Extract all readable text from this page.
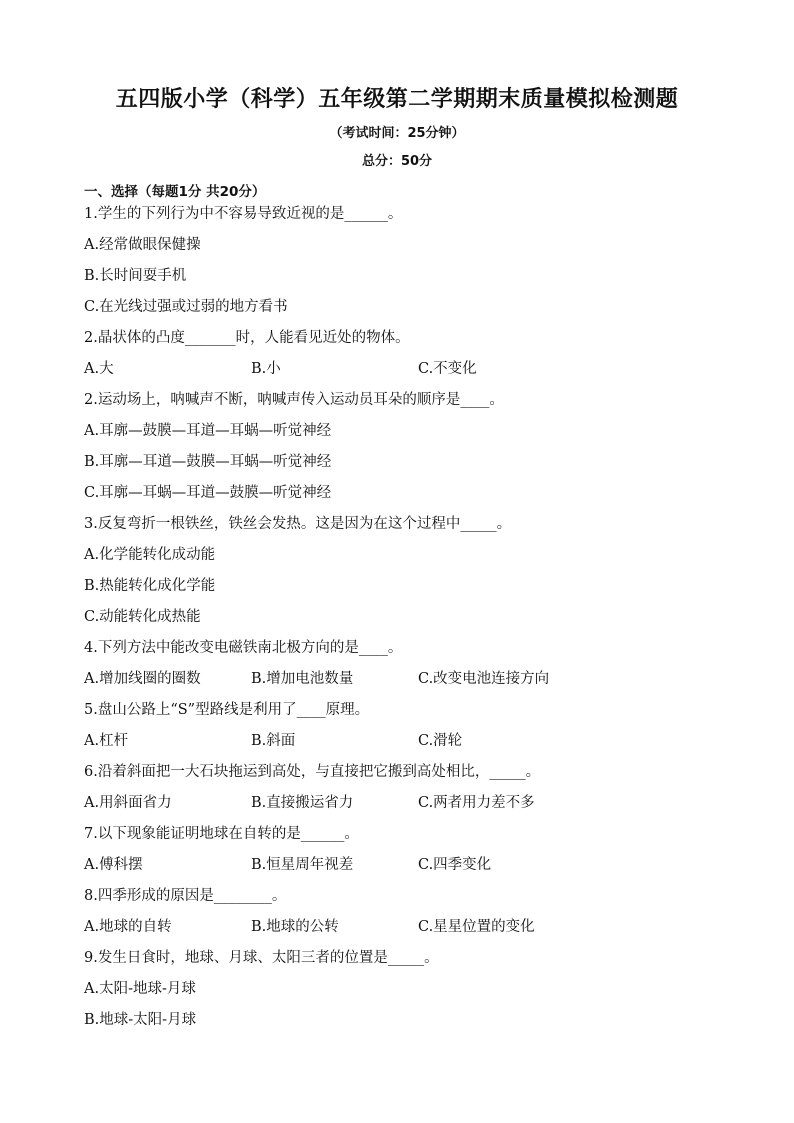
五四版小学（科学）五年级第二学期期末质量模拟检测题
（考试时间：25分钟）
总分：50分
一、选择（每题1分 共20分）
1.学生的下列行为中不容易导致近视的是______。
A.经常做眼保健操
B.长时间耍手机
C.在光线过强或过弱的地方看书
2.晶状体的凸度_______时，人能看见近处的物体。
A.大	B.小	C.不变化
2.运动场上，呐喊声不断，呐喊声传入运动员耳朵的顺序是____。
A.耳廓—鼓膜—耳道—耳蜗—听觉神经
B.耳廓—耳道—鼓膜—耳蜗—听觉神经
C.耳廓—耳蜗—耳道—鼓膜—听觉神经
3.反复弯折一根铁丝，铁丝会发热。这是因为在这个过程中_____。
A.化学能转化成动能
B.热能转化成化学能
C.动能转化成热能
4.下列方法中能改变电磁铁南北极方向的是____。
A.增加线圈的圈数	B.增加电池数量	C.改变电池连接方向
5.盘山公路上“S”型路线是利用了____原理。
A.杠杆	B.斜面	C.滑轮
6.沿着斜面把一大石块拖运到高处，与直接把它搬到高处相比，_____。
A.用斜面省力	B.直接搬运省力	C.两者用力差不多
7.以下现象能证明地球在自转的是______。
A.傅科摆	B.恒星周年视差	C.四季变化
8.四季形成的原因是________。
A.地球的自转	B.地球的公转	C.星星位置的变化
9.发生日食时，地球、月球、太阳三者的位置是_____。
A.太阳-地球-月球
B.地球-太阳-月球
